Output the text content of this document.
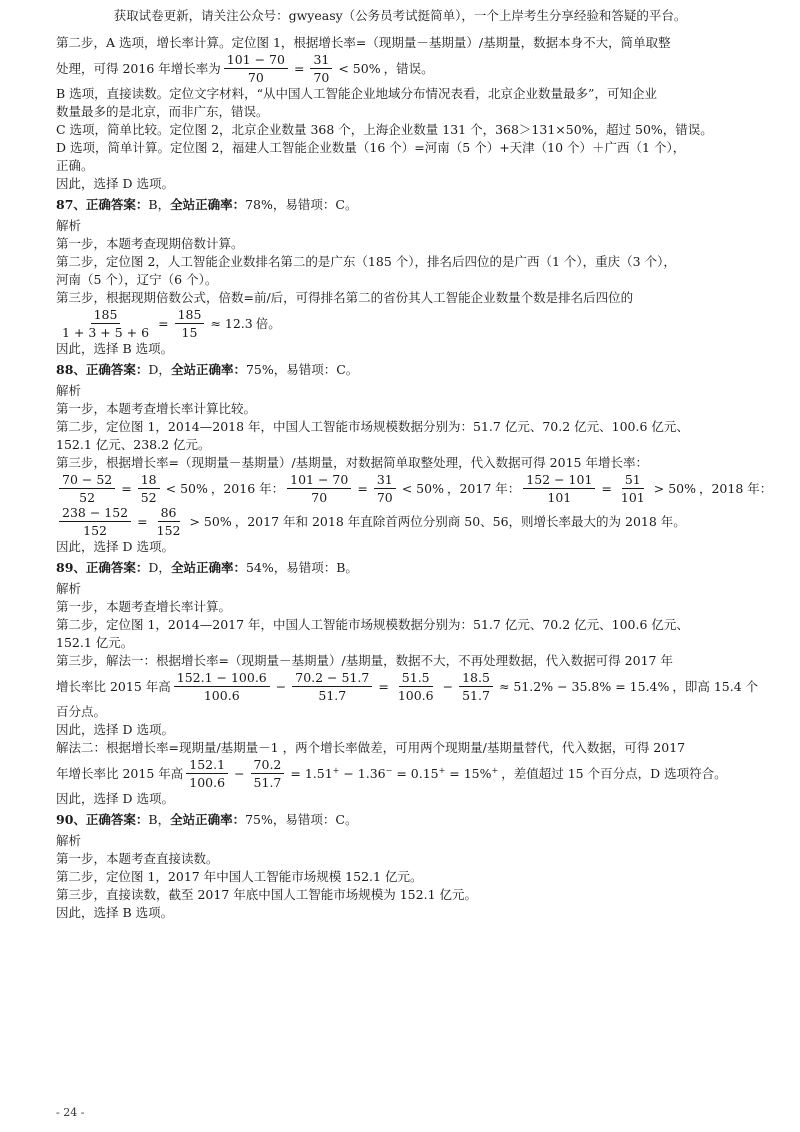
获取试卷更新，请关注公众号：gwyeasy（公务员考试挺简单），一个上岸考生分享经验和答疑的平台。
第二步，A 选项，增长率计算。定位图 1，根据增长率=（现期量－基期量）/基期量，数据本身不大，简单取整
处理，可得 2016 年增长率为 $\frac{101 - 70}{70} = \frac{31}{70} < 50\%$ ，错误。
B 选项，直接读数。定位文字材料，“从中国人工智能企业地域分布情况表看，北京企业数量最多”，可知企业
数量最多的是北京，而非广东，错误。
C 选项，简单比较。定位图 2，北京企业数量 368 个，上海企业数量 131 个，368＞131×50%，超过 50%，错误。
D 选项，简单计算。定位图 2，福建人工智能企业数量（16 个）=河南（5 个）+天津（10 个）＋广西（1 个），
正确。
因此，选择 D 选项。
87、正确答案：B，全站正确率：78%，易错项：C。
解析
第一步，本题考查现期倍数计算。
第二步，定位图 2，人工智能企业数排名第二的是广东（185 个），排名后四位的是广西（1 个），重庆（3 个），
河南（5 个），辽宁（6 个）。
第三步，根据现期倍数公式，倍数=前/后，可得排名第二的省份其人工智能企业数量个数是排名后四位的
$\frac{185}{1 + 3 + 5 + 6} = \frac{185}{15} \approx 12.3$ 倍。
因此，选择 B 选项。
88、正确答案：D，全站正确率：75%，易错项：C。
解析
第一步，本题考查增长率计算比较。
第二步，定位图 1，2014—2018 年，中国人工智能市场规模数据分别为：51.7 亿元、70.2 亿元、100.6 亿元、
152.1 亿元、238.2 亿元。
第三步，根据增长率=（现期量－基期量）/基期量，对数据简单取整处理，代入数据可得 2015 年增长率：
$\frac{70 - 52}{52} = \frac{18}{52} < 50\%$ ，2016 年： $\frac{101 - 70}{70} = \frac{31}{70} < 50\%$ ，2017 年： $\frac{152 - 101}{101} = \frac{51}{101} > 50\%$ ，2018 年：
$\frac{238 - 152}{152} = \frac{86}{152} > 50\%$ ，2017 年和 2018 年直除首两位分别商 50、56，则增长率最大的为 2018 年。
因此，选择 D 选项。
89、正确答案：D，全站正确率：54%，易错项：B。
解析
第一步，本题考查增长率计算。
第二步，定位图 1，2014—2017 年，中国人工智能市场规模数据分别为：51.7 亿元、70.2 亿元、100.6 亿元、
152.1 亿元。
第三步，解法一：根据增长率=（现期量－基期量）/基期量，数据不大，不再处理数据，代入数据可得 2017 年
增长率比 2015 年高 $\frac{152.1 - 100.6}{100.6} - \frac{70.2 - 51.7}{51.7} = \frac{51.5}{100.6} - \frac{18.5}{51.7} \approx 51.2\% - 35.8\% = 15.4\%$ ，即高 15.4 个
百分点。
因此，选择 D 选项。
解法二：根据增长率=现期量/基期量－1 ，两个增长率做差，可用两个现期量/基期量替代，代入数据，可得 2017
年增长率比 2015 年高 $\frac{152.1}{100.6} - \frac{70.2}{51.7} = 1.51^+ - 1.36^- = 0.15^+ = 15\%^+$ ，差值超过 15 个百分点，D 选项符合。
因此，选择 D 选项。
90、正确答案：B，全站正确率：75%，易错项：C。
解析
第一步，本题考查直接读数。
第二步，定位图 1，2017 年中国人工智能市场规模 152.1 亿元。
第三步，直接读数，截至 2017 年底中国人工智能市场规模为 152.1 亿元。
因此，选择 B 选项。
- 24 -
